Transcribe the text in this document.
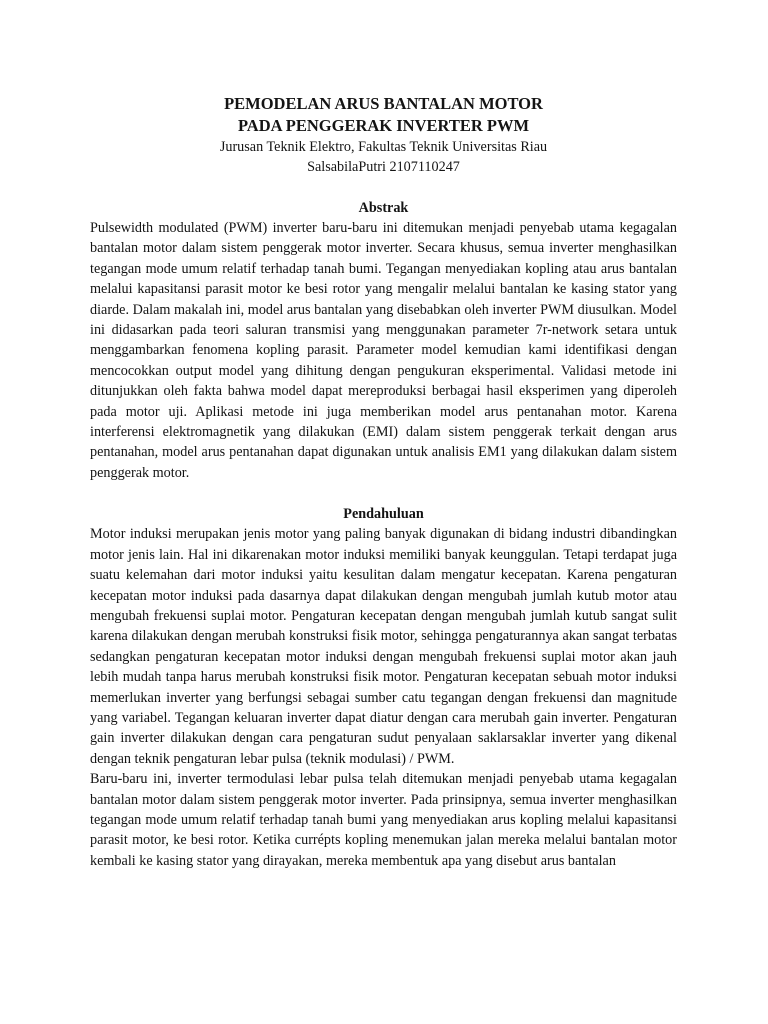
PEMODELAN ARUS BANTALAN MOTOR
PADA PENGGERAK INVERTER PWM

Jurusan Teknik Elektro, Fakultas Teknik Universitas Riau

SalsabilaPutri 2107110247

Abstrak

Pulsewidth modulated (PWM) inverter baru-baru ini ditemukan menjadi penyebab utama kegagalan bantalan motor dalam sistem penggerak motor inverter. Secara khusus, semua inverter menghasilkan tegangan mode umum relatif terhadap tanah bumi. Tegangan menyediakan kopling atau arus bantalan melalui kapasitansi parasit motor ke besi rotor yang mengalir melalui bantalan ke kasing stator yang diarde. Dalam makalah ini, model arus bantalan yang disebabkan oleh inverter PWM diusulkan. Model ini didasarkan pada teori saluran transmisi yang menggunakan parameter 7r-network setara untuk menggambarkan fenomena kopling parasit. Parameter model kemudian kami identifikasi dengan mencocokkan output model yang dihitung dengan pengukuran eksperimental. Validasi metode ini ditunjukkan oleh fakta bahwa model dapat mereproduksi berbagai hasil eksperimen yang diperoleh pada motor uji. Aplikasi metode ini juga memberikan model arus pentanahan motor. Karena interferensi elektromagnetik yang dilakukan (EMI) dalam sistem penggerak terkait dengan arus pentanahan, model arus pentanahan dapat digunakan untuk analisis EM1 yang dilakukan dalam sistem penggerak motor.

Pendahuluan

Motor induksi merupakan jenis motor yang paling banyak digunakan di bidang industri dibandingkan motor jenis lain. Hal ini dikarenakan motor induksi memiliki banyak keunggulan. Tetapi terdapat juga suatu kelemahan dari motor induksi yaitu kesulitan dalam mengatur kecepatan. Karena pengaturan kecepatan motor induksi pada dasarnya dapat dilakukan dengan mengubah jumlah kutub motor atau mengubah frekuensi suplai motor. Pengaturan kecepatan dengan mengubah jumlah kutub sangat sulit karena dilakukan dengan merubah konstruksi fisik motor, sehingga pengaturannya akan sangat terbatas sedangkan pengaturan kecepatan motor induksi dengan mengubah frekuensi suplai motor akan jauh lebih mudah tanpa harus merubah konstruksi fisik motor. Pengaturan kecepatan sebuah motor induksi memerlukan inverter yang berfungsi sebagai sumber catu tegangan dengan frekuensi dan magnitude yang variabel. Tegangan keluaran inverter dapat diatur dengan cara merubah gain inverter. Pengaturan gain inverter dilakukan dengan cara pengaturan sudut penyalaan saklarsaklar inverter yang dikenal dengan teknik pengaturan lebar pulsa (teknik modulasi) / PWM.

Baru-baru ini, inverter termodulasi lebar pulsa telah ditemukan menjadi penyebab utama kegagalan bantalan motor dalam sistem penggerak motor inverter. Pada prinsipnya, semua inverter menghasilkan tegangan mode umum relatif terhadap tanah bumi yang menyediakan arus kopling melalui kapasitansi parasit motor, ke besi rotor. Ketika currépts kopling menemukan jalan mereka melalui bantalan motor kembali ke kasing stator yang dirayakan, mereka membentuk apa yang disebut arus bantalan
